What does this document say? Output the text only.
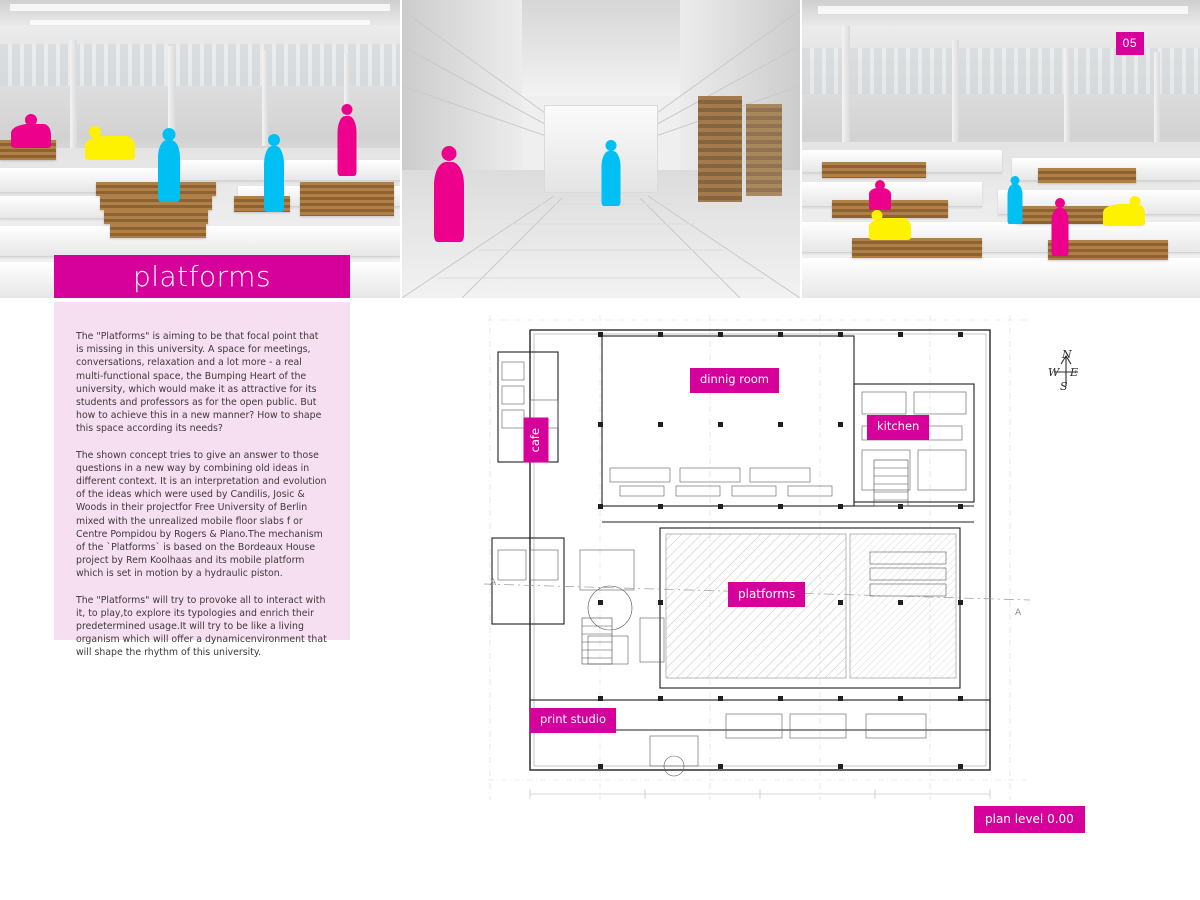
05
platforms

The "Platforms" is aiming to be that focal point that is missing in this university. A space for meetings, conversations, relaxation and a lot more - a real multi-functional space, the Bumping Heart of the university, which would make it as attractive for its students and professors as for the open public. But how to achieve this in a new manner? How to shape this space according its needs?

The shown concept tries to give an answer to those questions in a new way by combining old ideas in different context. It is an interpretation and evolution of the ideas which were used by Candilis, Josic & Woods in their projectfor Free University of Berlin mixed with the unrealized mobile floor slabs f or Centre Pompidou by Rogers & Piano.The mechanism of the `Platforms` is based on the Bordeaux House project by Rem Koolhaas and its mobile platform which is set in motion by a hydraulic piston.

The "Platforms" will try to provoke all to interact with it, to play,to explore its typologies and enrich their predetermined usage.It will try to be like a living organism which will offer a dynamicenvironment that will shape the rhythm of this university.

dinnig room
kitchen
cafe
platforms
print studio
plan level 0.00
N
W E
S
A
A
